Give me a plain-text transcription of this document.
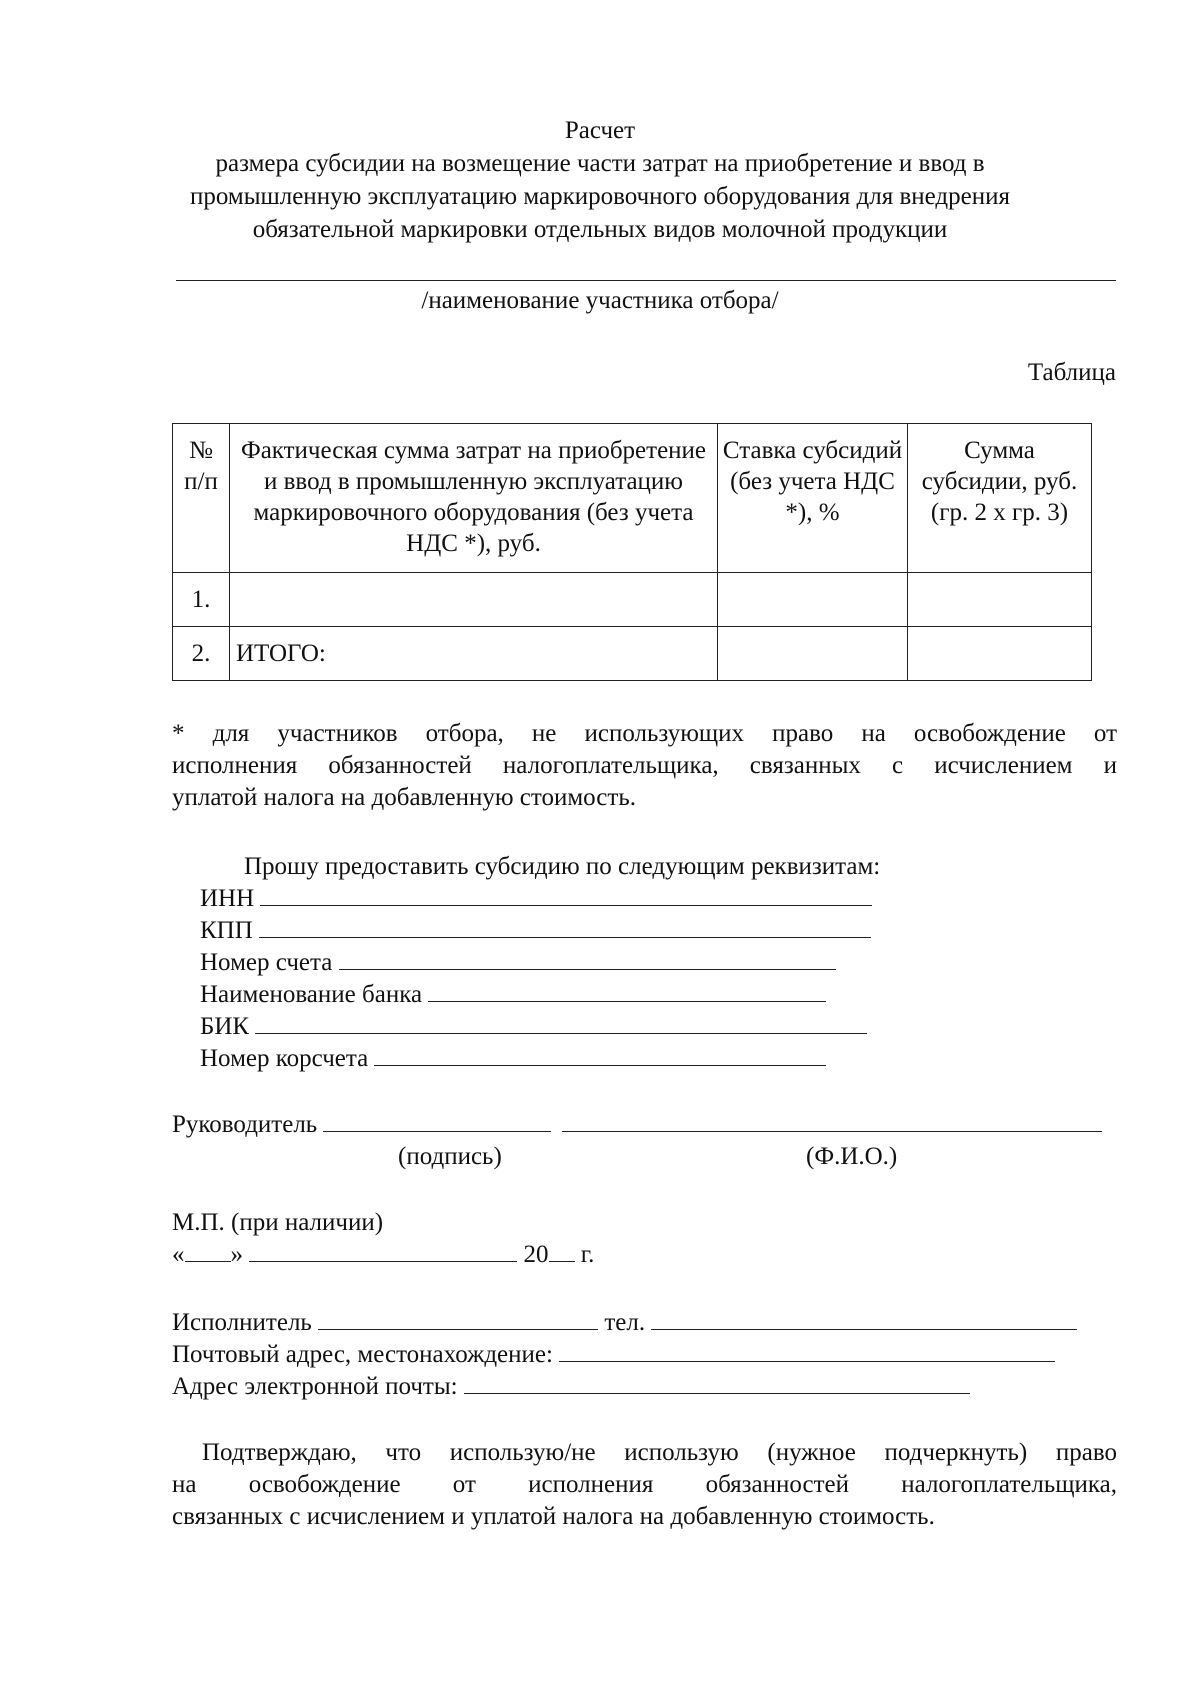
Расчет
размера субсидии на возмещение части затрат на приобретение и ввод в
промышленную эксплуатацию маркировочного оборудования для внедрения
обязательной маркировки отдельных видов молочной продукции
/наименование участника отбора/
Таблица
№ п/п	Фактическая сумма затрат на приобретение и ввод в промышленную эксплуатацию маркировочного оборудования (без учета НДС *), руб.	Ставка субсидий (без учета НДС *), %	Сумма субсидии, руб. (гр. 2 x гр. 3)
1.			
2.	ИТОГО:		
* для участников отбора, не использующих право на освобождение от
исполнения обязанностей налогоплательщика, связанных с исчислением и
уплатой налога на добавленную стоимость.
Прошу предоставить субсидию по следующим реквизитам:
ИНН
КПП
Номер счета
Наименование банка
БИК
Номер корсчета
Руководитель
(подпись)	(Ф.И.О.)
М.П. (при наличии)
« »	20 г.
Исполнитель	тел.
Почтовый адрес, местонахождение:
Адрес электронной почты:
Подтверждаю, что использую/не использую (нужное подчеркнуть) право
на освобождение от исполнения обязанностей налогоплательщика,
связанных с исчислением и уплатой налога на добавленную стоимость.
